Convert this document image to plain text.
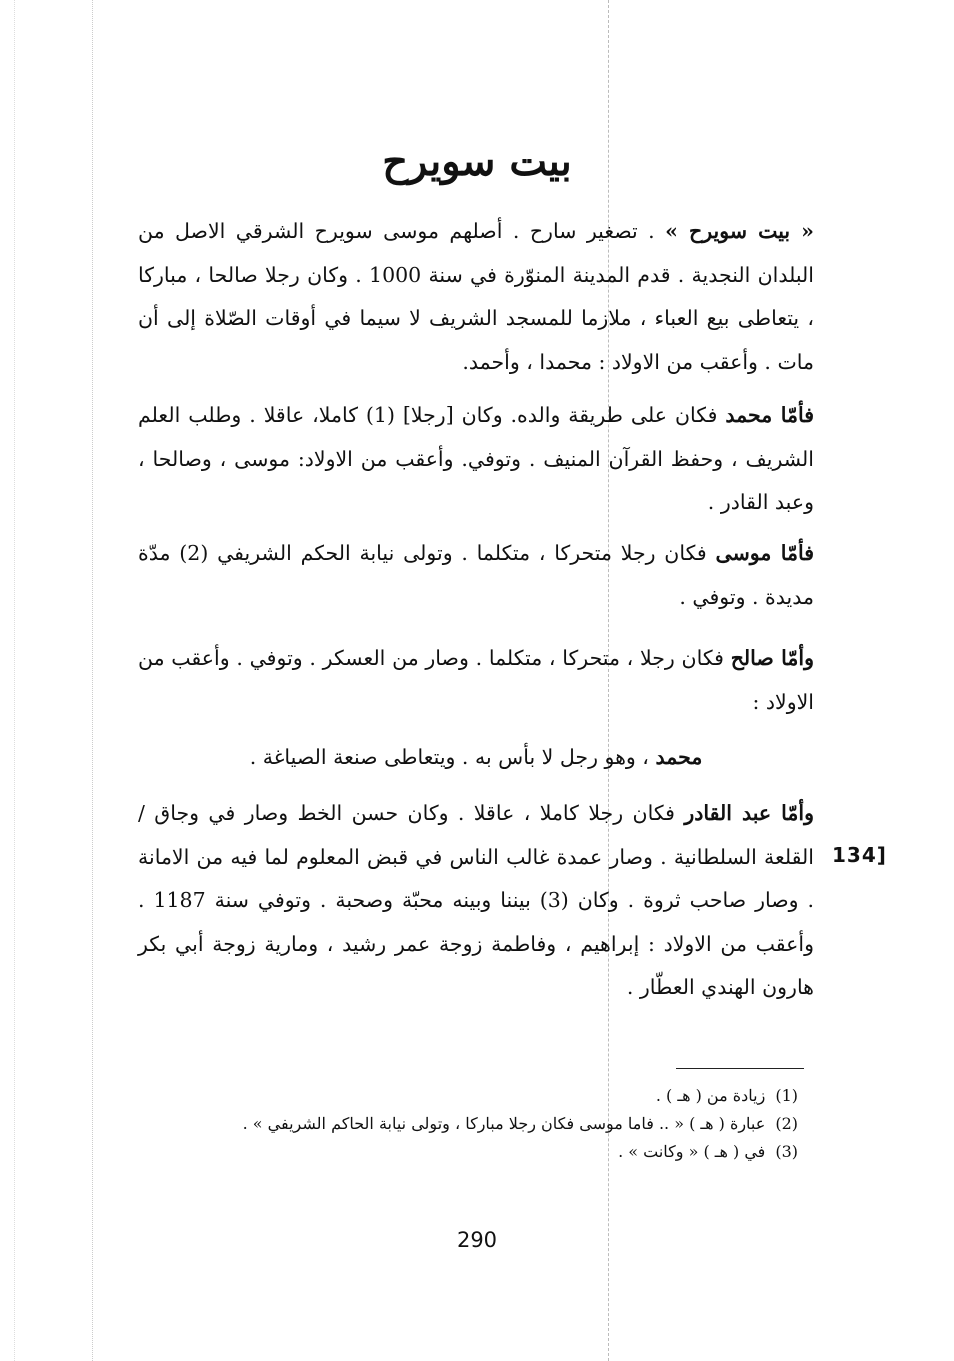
بيت سويرح
« بيت سويرح » . تصغير سارح . أصلهم موسى سويرح الشرقي الاصل من البلدان النجدية . قدم المدينة المنوّرة في سنة 1000 . وكان رجلا صالحا ، مباركا ، يتعاطى بيع العباء ، ملازما للمسجد الشريف لا سيما في أوقات الصّلاة إلى أن مات . وأعقب من الاولاد : محمدا ، وأحمد.
فأمّا محمد فكان على طريقة والده. وكان [رجلا] (1) كاملا، عاقلا . وطلب العلم الشريف ، وحفظ القرآن المنيف . وتوفي. وأعقب من الاولاد: موسى ، وصالحا ، وعبد القادر .
فأمّا موسى فكان رجلا متحركا ، متكلما . وتولى نيابة الحكم الشريفي (2) مدّة مديدة . وتوفي .
وأمّا صالح فكان رجلا ، متحركا ، متكلما . وصار من العسكر . وتوفي . وأعقب من الاولاد :
محمد ، وهو رجل لا بأس به . ويتعاطى صنعة الصياغة .
وأمّا عبد القادر فكان رجلا كاملا ، عاقلا . وكان حسن الخط وصار في وجاق / القلعة السلطانية . وصار عمدة غالب الناس في قبض المعلوم لما فيه من الامانة . وصار صاحب ثروة . وكان (3) بيننا وبينه محبّة وصحبة . وتوفي سنة 1187 . وأعقب من الاولاد : إبراهيم ، وفاطمة زوجة عمر رشيد ، ومارية زوجة أبي بكر هارون الهندي العطّار .
134]
(1)
زيادة من ( هـ ) .
(2)
عبارة ( هـ ) « .. فاما موسى فكان رجلا مباركا ، وتولى نيابة الحاكم الشريفي » .
(3)
في ( هـ ) « وكانت » .
290
